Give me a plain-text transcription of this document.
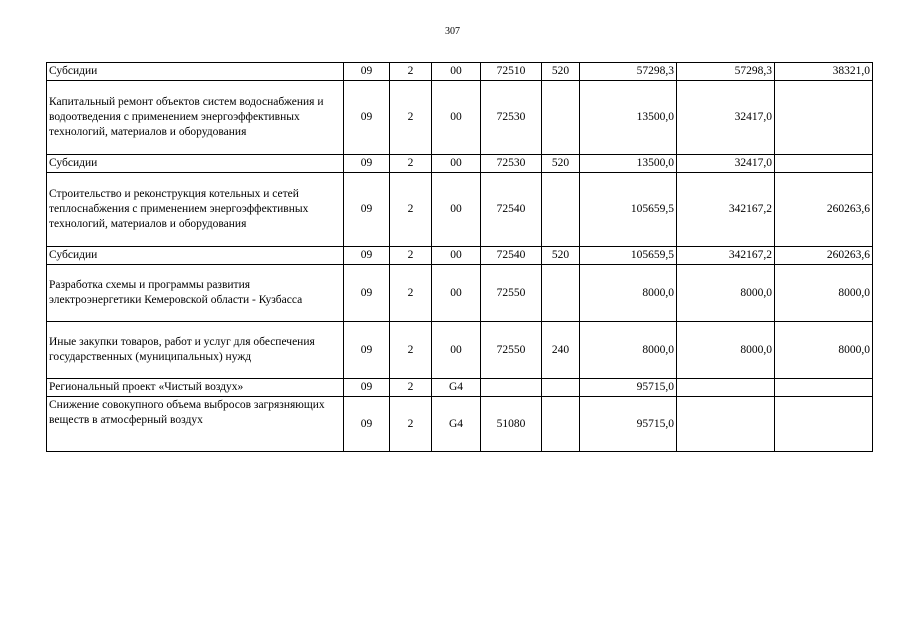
307
Субсидии	09	2	00	72510	520	57298,3	57298,3	38321,0
Капитальный ремонт объектов систем водоснабжения и водоотведения с применением энергоэффективных технологий, материалов и оборудования	09	2	00	72530		13500,0	32417,0	
Субсидии	09	2	00	72530	520	13500,0	32417,0	
Строительство и реконструкция котельных и сетей теплоснабжения с применением энергоэффективных технологий, материалов и оборудования	09	2	00	72540		105659,5	342167,2	260263,6
Субсидии	09	2	00	72540	520	105659,5	342167,2	260263,6
Разработка схемы и программы развития электроэнергетики Кемеровской области - Кузбасса	09	2	00	72550		8000,0	8000,0	8000,0
Иные закупки товаров, работ и услуг для обеспечения государственных (муниципальных) нужд	09	2	00	72550	240	8000,0	8000,0	8000,0
Региональный проект «Чистый воздух»	09	2	G4			95715,0		
Снижение совокупного объема выбросов загрязняющих веществ в атмосферный воздух	09	2	G4	51080		95715,0		
